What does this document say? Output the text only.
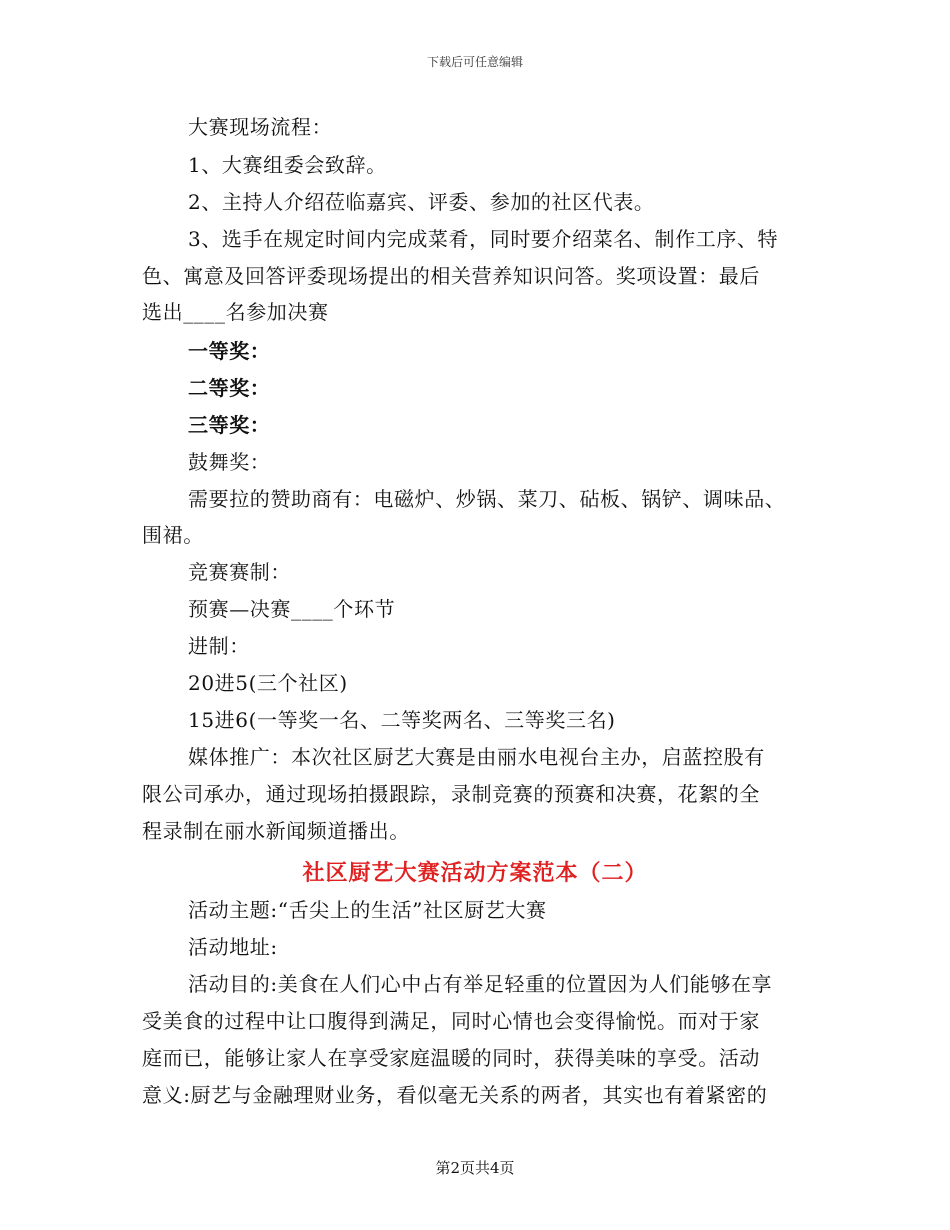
下载后可任意编辑
大赛现场流程：
1、大赛组委会致辞。
2、主持人介绍莅临嘉宾、评委、参加的社区代表。
3、选手在规定时间内完成菜肴，同时要介绍菜名、制作工序、特
色、寓意及回答评委现场提出的相关营养知识问答。奖项设置：最后
选出____名参加决赛
一等奖：
二等奖：
三等奖：
鼓舞奖：
需要拉的赞助商有：电磁炉、炒锅、菜刀、砧板、锅铲、调味品、
围裙。
竞赛赛制：
预赛—决赛____个环节
进制：
20进5(三个社区)
15进6(一等奖一名、二等奖两名、三等奖三名)
媒体推广：本次社区厨艺大赛是由丽水电视台主办，启蓝控股有
限公司承办，通过现场拍摄跟踪，录制竞赛的预赛和决赛，花絮的全
程录制在丽水新闻频道播出。
社区厨艺大赛活动方案范本（二）
活动主题:“舌尖上的生活”社区厨艺大赛
活动地址:
活动目的:美食在人们心中占有举足轻重的位置因为人们能够在享
受美食的过程中让口腹得到满足，同时心情也会变得愉悦。而对于家
庭而已，能够让家人在享受家庭温暖的同时，获得美味的享受。活动
意义:厨艺与金融理财业务，看似毫无关系的两者，其实也有着紧密的
第2页共4页
